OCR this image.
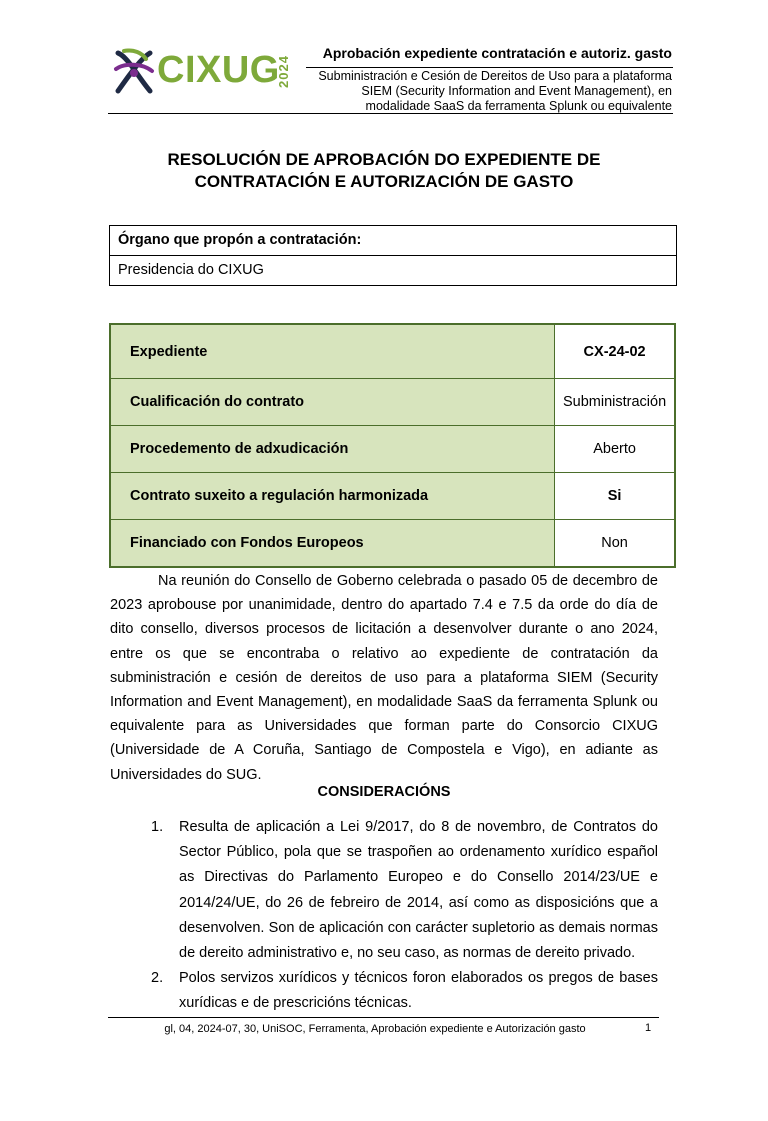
CIXUG
2024
Aprobación expediente contratación e autoriz. gasto
Subministración e Cesión de Dereitos de Uso para a plataforma
SIEM (Security Information and Event Management), en
modalidade SaaS da ferramenta Splunk ou equivalente
RESOLUCIÓN DE APROBACIÓN DO EXPEDIENTE DE
CONTRATACIÓN E AUTORIZACIÓN DE GASTO
Órgano que propón a contratación:
Presidencia do CIXUG
Expediente	CX-24-02
Cualificación do contrato	Subministración
Procedemento de adxudicación	Aberto
Contrato suxeito a regulación harmonizada	Si
Financiado con Fondos Europeos	Non
Na reunión do Consello de Goberno celebrada o pasado 05 de decembro de 2023 aprobouse por unanimidade, dentro do apartado 7.4 e 7.5 da orde do día de dito consello, diversos procesos de licitación a desenvolver durante o ano 2024, entre os que se encontraba o relativo ao expediente de contratación da subministración e cesión de dereitos de uso para a plataforma SIEM (Security Information and Event Management), en modalidade SaaS da ferramenta Splunk ou equivalente para as Universidades que forman parte do Consorcio CIXUG (Universidade de A Coruña, Santiago de Compostela e Vigo), en adiante as Universidades do SUG.
CONSIDERACIÓNS
1. Resulta de aplicación a Lei 9/2017, do 8 de novembro, de Contratos do Sector Público, pola que se traspoñen ao ordenamento xurídico español as Directivas do Parlamento Europeo e do Consello 2014/23/UE e 2014/24/UE, do 26 de febreiro de 2014, así como as disposicións que a desenvolven. Son de aplicación con carácter supletorio as demais normas de dereito administrativo e, no seu caso, as normas de dereito privado.
2. Polos servizos xurídicos y técnicos foron elaborados os pregos de bases xurídicas e de prescricións técnicas.
gl, 04, 2024-07, 30, UniSOC, Ferramenta, Aprobación expediente e Autorización gasto	1
